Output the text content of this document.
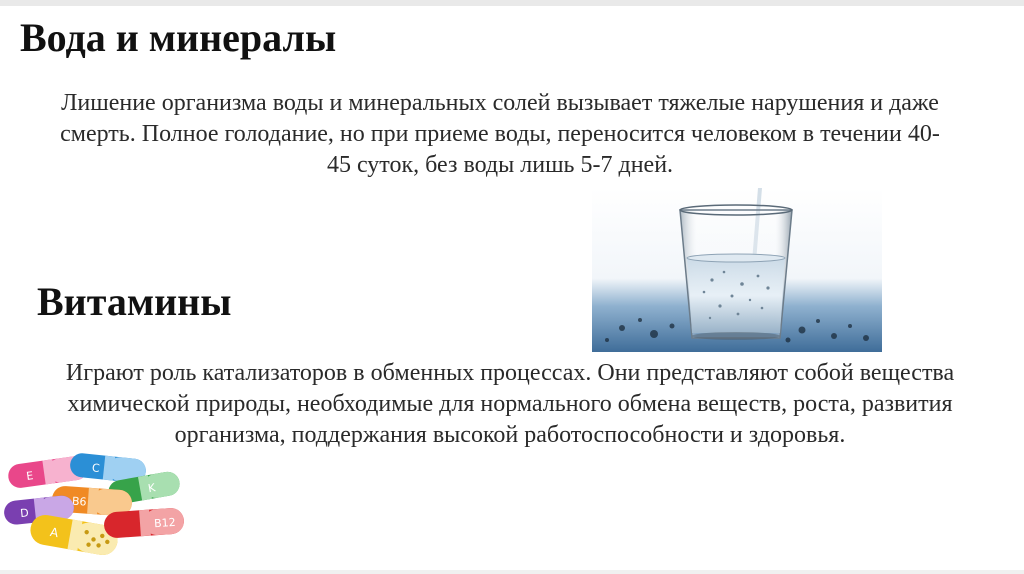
Вода и минералы

Лишение организма воды и минеральных солей вызывает тяжелые нарушения и даже смерть. Полное голодание, но при приеме воды, переносится человеком в течении 40-45 суток, без воды лишь 5-7 дней.

Витамины

Играют роль катализаторов в обменных процессах. Они представляют собой вещества химической природы, необходимые для нормального обмена веществ, роста, развития организма, поддержания высокой работоспособности и здоровья.

E
C
K
B6
D
A
B12
